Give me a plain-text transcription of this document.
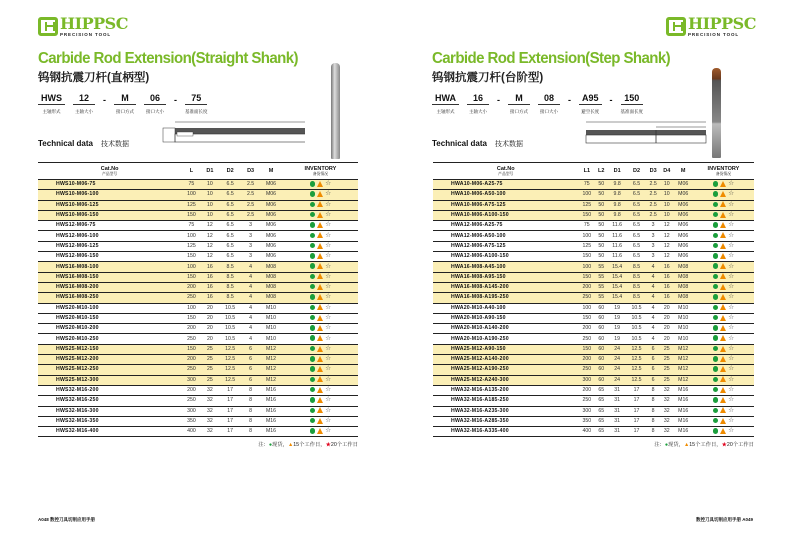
HIPPSC
PRECISION TOOL
Carbide Rod Extension(Straight Shank)
钨钢抗震刀杆(直柄型)
HWS
主轴形式
12
主轴大小
-	M
接口方式
06
接口大小
-	75
基准面长度
Technical data 技术数据
Cat.No
产品型号	L	D1	D2	D3	M	INVENTORY
备货情况

HWS10-M06-75	75	10	6.5	2.5	M06	☆
HWS10-M06-100	100	10	6.5	2.5	M06	☆
HWS10-M06-125	125	10	6.5	2.5	M06	☆
HWS10-M06-150	150	10	6.5	2.5	M06	☆
HWS12-M06-75	75	12	6.5	3	M06	☆
HWS12-M06-100	100	12	6.5	3	M06	☆
HWS12-M06-125	125	12	6.5	3	M06	☆
HWS12-M06-150	150	12	6.5	3	M06	☆
HWS16-M08-100	100	16	8.5	4	M08	☆
HWS16-M08-150	150	16	8.5	4	M08	☆
HWS16-M08-200	200	16	8.5	4	M08	☆
HWS16-M08-250	250	16	8.5	4	M08	☆
HWS20-M10-100	100	20	10.5	4	M10	☆
HWS20-M10-150	150	20	10.5	4	M10	☆
HWS20-M10-200	200	20	10.5	4	M10	☆
HWS20-M10-250	250	20	10.5	4	M10	☆
HWS25-M12-150	150	25	12.5	6	M12	☆
HWS25-M12-200	200	25	12.5	6	M12	☆
HWS25-M12-250	250	25	12.5	6	M12	☆
HWS25-M12-300	300	25	12.5	6	M12	☆
HWS32-M16-200	200	32	17	8	M16	☆
HWS32-M16-250	250	32	17	8	M16	☆
HWS32-M16-300	300	32	17	8	M16	☆
HWS32-M16-350	350	32	17	8	M16	☆
HWS32-M16-400	400	32	17	8	M16	☆
注：●现货，▲15个工作日，★20个工作日
A048 数控刀具切削应用手册
HIPPSC
PRECISION TOOL
Carbide Rod Extension(Step Shank)
钨钢抗震刀杆(台阶型)
HWA
主轴形式
16
主轴大小
-	M
接口方式
08
接口大小
-	A95
避空长度
-	150
基准面长度
Technical data 技术数据
Cat.No
产品型号	L1	L2	D1	D2	D3	D4	M	INVENTORY
备货情况

HWA10-M06-A25-75	75	50	9.8	6.5	2.5	10	M06	☆
HWA10-M06-A50-100	100	50	9.8	6.5	2.5	10	M06	☆
HWA10-M06-A75-125	125	50	9.8	6.5	2.5	10	M06	☆
HWA10-M06-A100-150	150	50	9.8	6.5	2.5	10	M06	☆
HWA12-M06-A25-75	75	50	11.6	6.5	3	12	M06	☆
HWA12-M06-A50-100	100	50	11.6	6.5	3	12	M06	☆
HWA12-M06-A75-125	125	50	11.6	6.5	3	12	M06	☆
HWA12-M06-A100-150	150	50	11.6	6.5	3	12	M06	☆
HWA16-M08-A45-100	100	55	15.4	8.5	4	16	M08	☆
HWA16-M08-A95-150	150	55	15.4	8.5	4	16	M08	☆
HWA16-M08-A145-200	200	55	15.4	8.5	4	16	M08	☆
HWA16-M08-A195-250	250	55	15.4	8.5	4	16	M08	☆
HWA20-M10-A40-100	100	60	19	10.5	4	20	M10	☆
HWA20-M10-A90-150	150	60	19	10.5	4	20	M10	☆
HWA20-M10-A140-200	200	60	19	10.5	4	20	M10	☆
HWA20-M10-A190-250	250	60	19	10.5	4	20	M10	☆
HWA25-M12-A90-150	150	60	24	12.5	6	25	M12	☆
HWA25-M12-A140-200	200	60	24	12.5	6	25	M12	☆
HWA25-M12-A190-250	250	60	24	12.5	6	25	M12	☆
HWA25-M12-A240-300	300	60	24	12.5	6	25	M12	☆
HWA32-M16-A135-200	200	65	31	17	8	32	M16	☆
HWA32-M16-A185-250	250	65	31	17	8	32	M16	☆
HWA32-M16-A235-300	300	65	31	17	8	32	M16	☆
HWA32-M16-A285-350	350	65	31	17	8	32	M16	☆
HWA32-M16-A335-400	400	65	31	17	8	32	M16	☆
注：●现货，▲15个工作日，★20个工作日
数控刀具切削应用手册 A049
